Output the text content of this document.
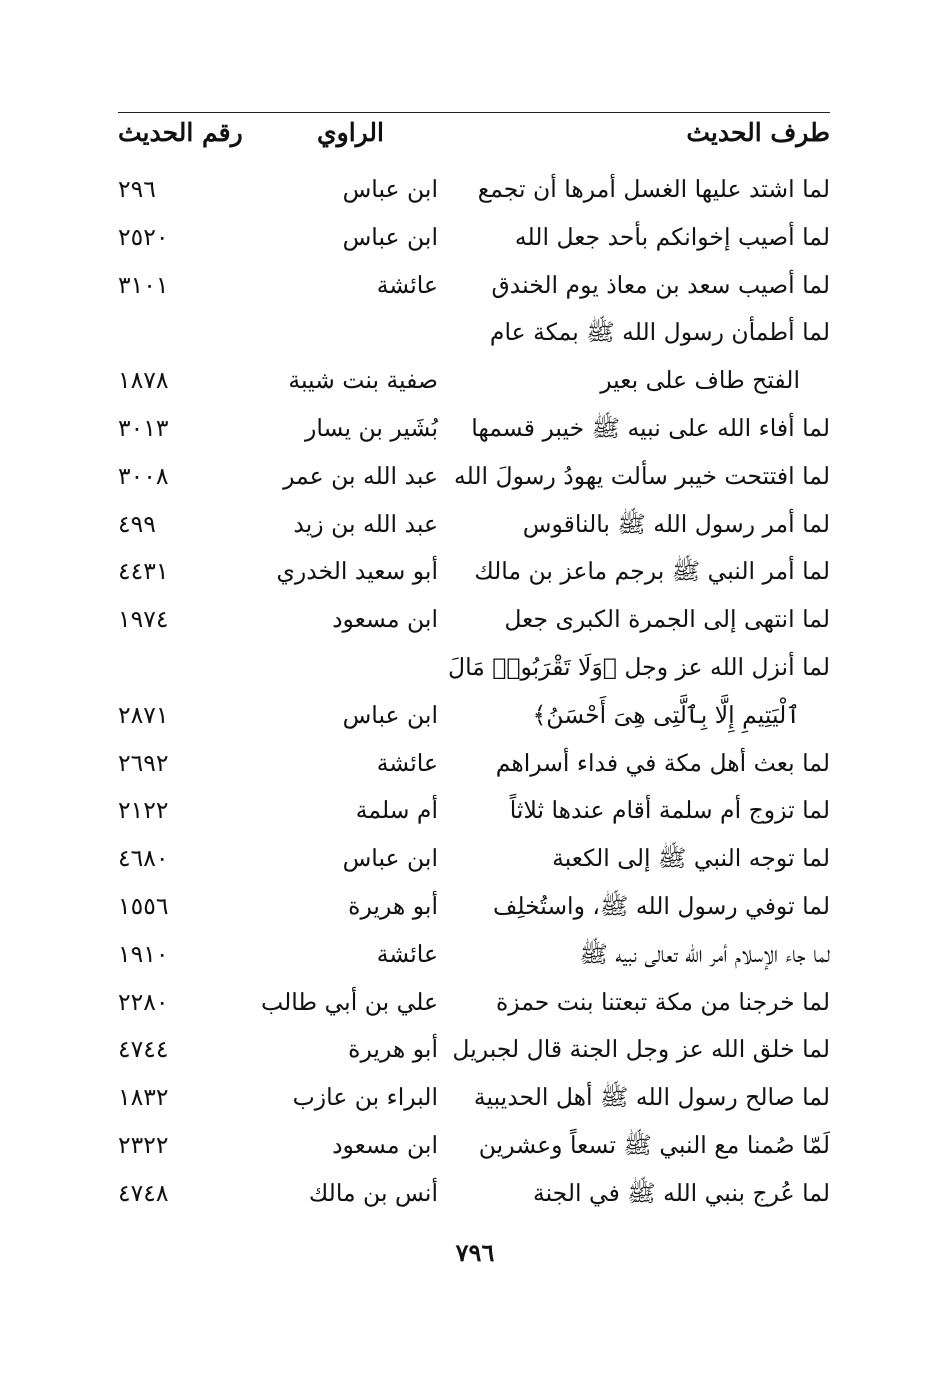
طرف الحديث
الراوي
رقم الحديث
لما اشتد عليها الغسل أمرها أن تجمع
ابن عباس
٢٩٦
لما أصيب إخوانكم بأحد جعل الله
ابن عباس
٢٥٢٠
لما أصيب سعد بن معاذ يوم الخندق
عائشة
٣١٠١
لما أطمأن رسول الله ﷺ بمكة عام
الفتح طاف على بعير
صفية بنت شيبة
١٨٧٨
لما أفاء الله على نبيه ﷺ خيبر قسمها
بُشَير بن يسار
٣٠١٣
لما افتتحت خيبر سألت يهودُ رسولَ الله
عبد الله بن عمر
٣٠٠٨
لما أمر رسول الله ﷺ بالناقوس
عبد الله بن زيد
٤٩٩
لما أمر النبي ﷺ برجم ماعز بن مالك
أبو سعيد الخدري
٤٤٣١
لما انتهى إلى الجمرة الكبرى جعل
ابن مسعود
١٩٧٤
لما أنزل الله عز وجل ﴿وَلَا تَقْرَبُوا۟ مَالَ
ٱلْيَتِيمِ إِلَّا بِٱلَّتِى هِىَ أَحْسَنُ﴾
ابن عباس
٢٨٧١
لما بعث أهل مكة في فداء أسراهم
عائشة
٢٦٩٢
لما تزوج أم سلمة أقام عندها ثلاثاً
أم سلمة
٢١٢٢
لما توجه النبي ﷺ إلى الكعبة
ابن عباس
٤٦٨٠
لما توفي رسول الله ﷺ، واستُخلِف
أبو هريرة
١٥٥٦
لما جاء الإسلام أمر الله تعالى نبيه ﷺ
عائشة
١٩١٠
لما خرجنا من مكة تبعتنا بنت حمزة
علي بن أبي طالب
٢٢٨٠
لما خلق الله عز وجل الجنة قال لجبريل
أبو هريرة
٤٧٤٤
لما صالح رسول الله ﷺ أهل الحديبية
البراء بن عازب
١٨٣٢
لَمّا صُمنا مع النبي ﷺ تسعاً وعشرين
ابن مسعود
٢٣٢٢
لما عُرج بنبي الله ﷺ في الجنة
أنس بن مالك
٤٧٤٨
٧٩٦
